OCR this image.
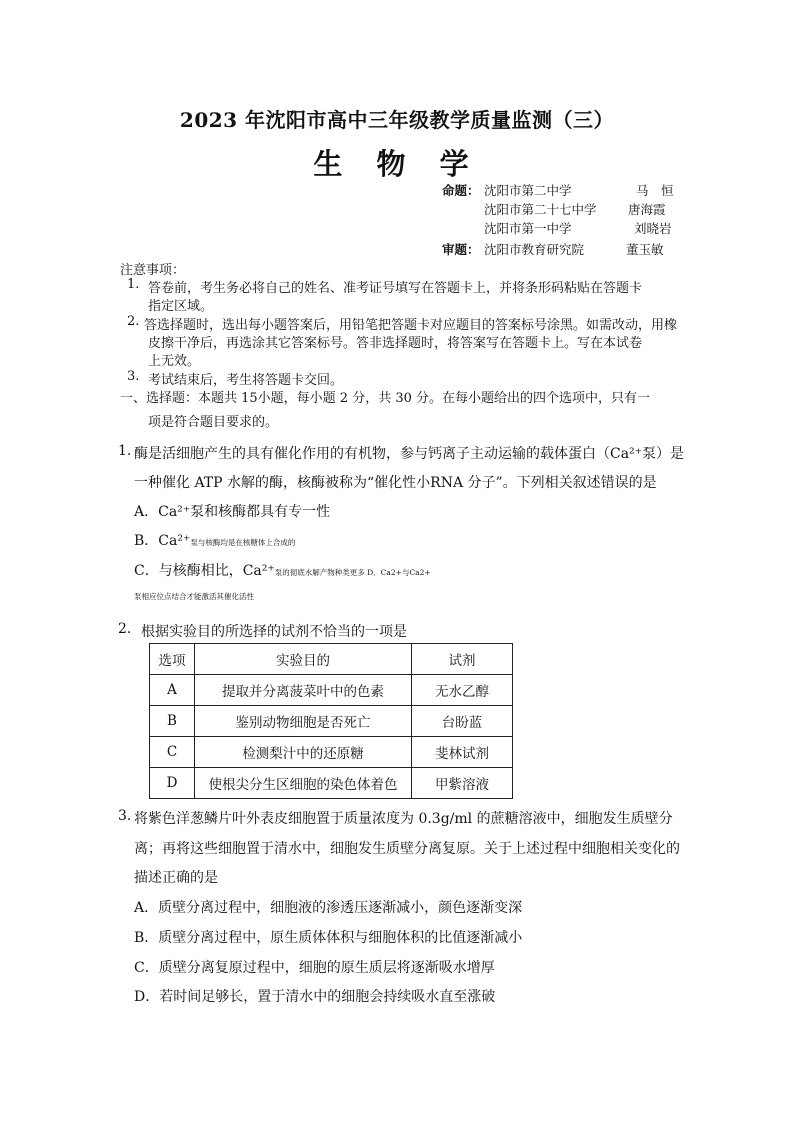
2023 年沈阳市高中三年级教学质量监测（三）
生 物 学
命题： 沈阳市第二中学	马　恒
沈阳市第二十七中学	唐海霞
沈阳市第一中学	刘晓岩
审题： 沈阳市教育研究院	董玉敏
注意事项：
1. 答卷前，考生务必将自己的姓名、准考证号填写在答题卡上，并将条形码粘贴在答题卡
指定区域。
2. 答选择题时，选出每小题答案后，用铅笔把答题卡对应题目的答案标号涂黑。如需改动，用橡
皮擦干净后，再选涂其它答案标号。答非选择题时，将答案写在答题卡上。写在本试卷
上无效。
3. 考试结束后，考生将答题卡交回。
一、选择题：本题共 15小题，每小题 2 分，共 30 分。在每小题给出的四个选项中，只有一
项是符合题目要求的。
1. 酶是活细胞产生的具有催化作用的有机物，参与钙离子主动运输的载体蛋白（Ca²⁺泵）是
一种催化 ATP 水解的酶，核酶被称为“催化性小RNA 分子”。下列相关叙述错误的是
A．Ca²⁺泵和核酶都具有专一性
B．Ca²⁺泵与核酶均是在核糖体上合成的
C．与核酶相比，Ca²⁺泵的彻底水解产物种类更多 D．Ca2+与Ca2+
泵相应位点结合才能激活其催化活性
2. 根据实验目的所选择的试剂不恰当的一项是
选项	实验目的	试剂
A	提取并分离菠菜叶中的色素	无水乙醇
B	鉴别动物细胞是否死亡	台盼蓝
C	检测梨汁中的还原糖	斐林试剂
D	使根尖分生区细胞的染色体着色	甲紫溶液
3. 将紫色洋葱鳞片叶外表皮细胞置于质量浓度为 0.3g/ml 的蔗糖溶液中，细胞发生质壁分
离；再将这些细胞置于清水中，细胞发生质壁分离复原。关于上述过程中细胞相关变化的
描述正确的是
A．质壁分离过程中，细胞液的渗透压逐渐减小，颜色逐渐变深
B．质壁分离过程中，原生质体体积与细胞体积的比值逐渐减小
C．质壁分离复原过程中，细胞的原生质层将逐渐吸水增厚
D．若时间足够长，置于清水中的细胞会持续吸水直至涨破
